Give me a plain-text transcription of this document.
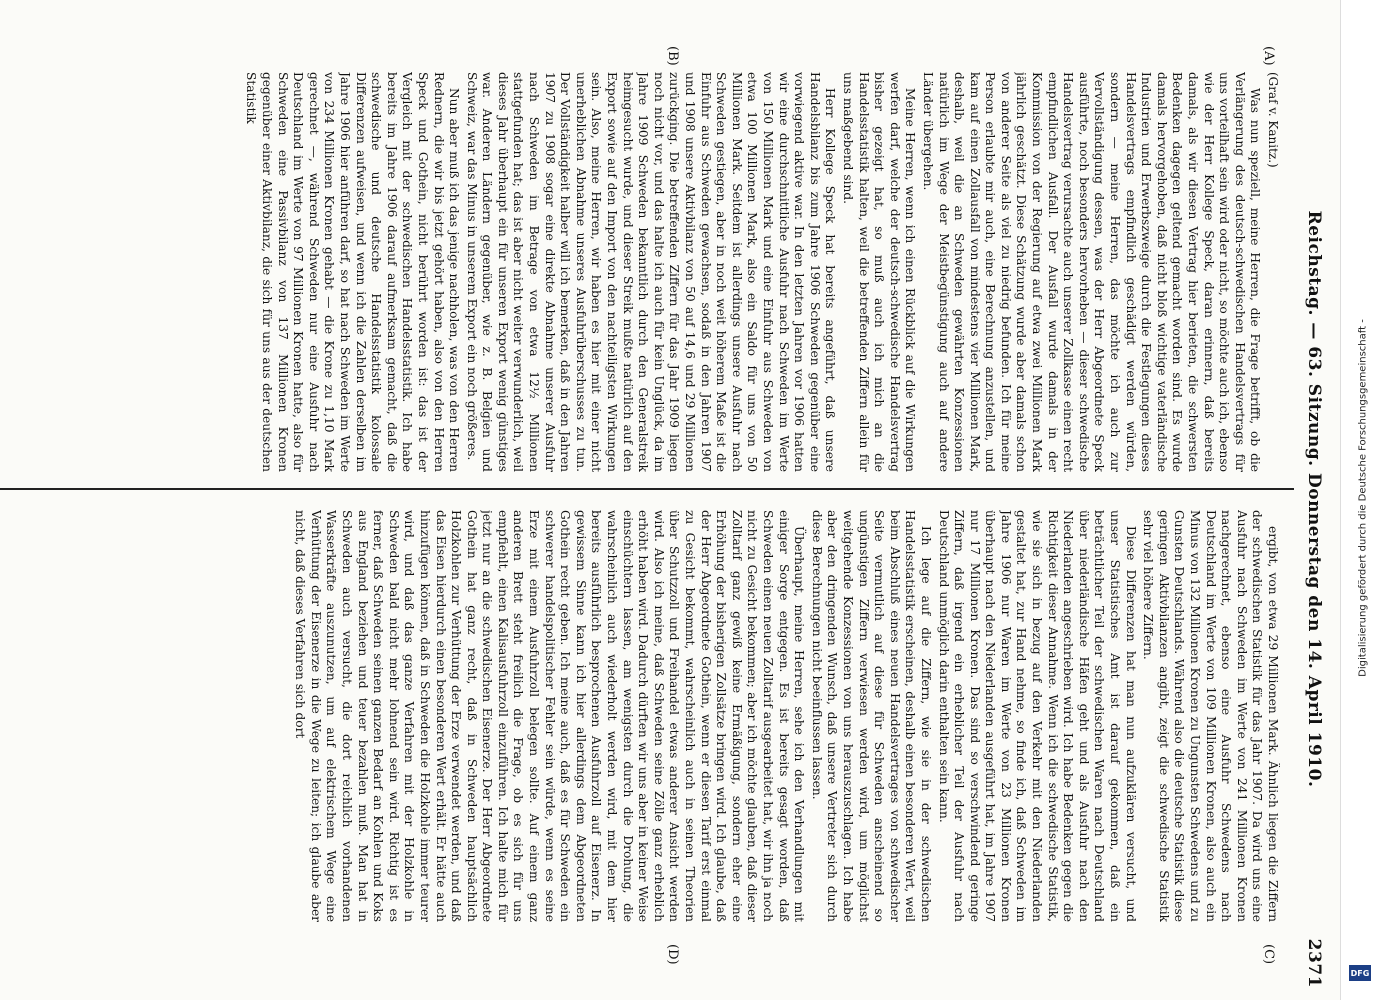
Reichstag. — 63. Sitzung. Donnerstag den 14. April 1910.
2371
(A)
(B)
(C)
(D)
(Graf v. Kanitz.)

Was nun speziell, meine Herren, die Frage betrifft, ob die Verlängerung des deutsch-schwedischen Handelsvertrags für uns vorteilhaft sein wird oder nicht, so möchte auch ich, ebenso wie der Herr Kollege Speck, daran erinnern, daß bereits damals, als wir diesen Vertrag hier berieten, die schwersten Bedenken dagegen geltend gemacht worden sind. Es wurde damals hervorgehoben, daß nicht bloß wichtige vaterländische Industrien und Erwerbszweige durch die Festlegungen dieses Handelsvertrags empfindlich geschädigt werden würden, sondern — meine Herren, das möchte ich auch zur Vervollständigung dessen, was der Herr Abgeordnete Speck ausführte, noch besonders hervorheben — dieser schwedische Handelsvertrag verursachte auch unserer Zollkasse einen recht empfindlichen Ausfall. Der Ausfall wurde damals in der Kommission von der Regierung auf etwa zwei Millionen Mark jährlich geschätzt. Diese Schätzung wurde aber damals schon von anderer Seite als viel zu niedrig befunden. Ich für meine Person erlaubte mir auch, eine Berechnung anzustellen, und kam auf einen Zollausfall von mindestens vier Millionen Mark, deshalb, weil die an Schweden gewährten Konzessionen natürlich im Wege der Meistbegünstigung auch auf andere Länder übergehen.

Meine Herren, wenn ich einen Rückblick auf die Wirkungen werfen darf, welche der deutsch-schwedische Handelsvertrag bisher gezeigt hat, so muß auch ich mich an die Handelsstatistik halten, weil die betreffenden Ziffern allein für uns maßgebend sind.

Herr Kollege Speck hat bereits angeführt, daß unsere Handelsbilanz bis zum Jahre 1906 Schweden gegenüber eine vorwiegend aktive war. In den letzten Jahren vor 1906 hatten wir eine durchschnittliche Ausfuhr nach Schweden im Werte von 150 Millionen Mark und eine Einfuhr aus Schweden von etwa 100 Millionen Mark, also ein Saldo für uns von 50 Millionen Mark. Seitdem ist allerdings unsere Ausfuhr nach Schweden gestiegen, aber in noch weit höherem Maße ist die Einfuhr aus Schweden gewachsen, sodaß in den Jahren 1907 und 1908 unsere Aktivbilanz von 50 auf 14,6 und 29 Millionen zurückging. Die betreffenden Ziffern für das Jahr 1909 liegen noch nicht vor, und das halte ich auch für kein Unglück, da im Jahre 1909 Schweden bekanntlich durch den Generalstreik heimgesucht wurde, und dieser Streik mußte natürlich auf den Export sowie auf den Import von den nachteiligsten Wirkungen sein. Also, meine Herren, wir haben es hier mit einer nicht unerheblichen Abnahme unseres Ausfuhrüberschusses zu tun. Der Vollständigkeit halber will ich bemerken, daß in den Jahren 1907 zu 1908 sogar eine direkte Abnahme unserer Ausfuhr nach Schweden im Betrage von etwa 12½ Millionen stattgefunden hat; das ist aber nicht weiter verwunderlich, weil dieses Jahr überhaupt ein für unseren Export wenig günstiges war. Anderen Ländern gegenüber, wie z. B. Belgien und Schweiz, war das Minus in unserem Export ein noch größeres.

Nun aber muß ich das jenige nachholen, was von den Herren Rednern, die wir bis jetzt gehört haben, also von den Herren Speck und Gothein, nicht berührt worden ist: das ist der Vergleich mit der schwedischen Handelsstatistik. Ich habe bereits im Jahre 1906 darauf aufmerksam gemacht, daß die schwedische und deutsche Handelsstatistik kolossale Differenzen aufweisen, und wenn ich die Zahlen derselben im Jahre 1906 hier anführen darf, so hat nach Schweden im Werte von 234 Millionen Kronen gehabt — die Krone zu 1,10 Mark gerechnet —, während Schweden nur eine Ausfuhr nach Deutschland im Werte von 97 Millionen Kronen hatte, also für Schweden eine Passivbilanz von 137 Millionen Kronen gegenüber einer Aktivbilanz, die sich für uns aus der deutschen Statistik

ergibt, von etwa 29 Millionen Mark. Ähnlich liegen die Ziffern der schwedischen Statistik für das Jahr 1907. Da wird uns eine Ausfuhr nach Schweden im Werte von 241 Millionen Kronen nachgerechnet, ebenso eine Ausfuhr Schwedens nach Deutschland im Werte von 109 Millionen Kronen, also auch ein Minus von 132 Millionen Kronen zu Ungunsten Schwedens und zu Gunsten Deutschlands. Während also die deutsche Statistik diese geringen Aktivbilanzen angibt, zeigt die schwedische Statistik sehr viel höhere Ziffern.

Diese Differenzen hat man nun aufzuklären versucht, und unser Statistisches Amt ist darauf gekommen, daß ein beträchtlicher Teil der schwedischen Waren nach Deutschland über niederländische Häfen geht und als Ausfuhr nach den Niederlanden angeschrieben wird. Ich habe Bedenken gegen die Richtigkeit dieser Annahme. Wenn ich die schwedische Statistik, wie sie sich in bezug auf den Verkehr mit den Niederlanden gestaltet hat, zur Hand nehme, so finde ich, daß Schweden im Jahre 1906 nur Waren im Werte von 23 Millionen Kronen überhaupt nach den Niederlanden ausgeführt hat, im Jahre 1907 nur 17 Millionen Kronen. Das sind so verschwindend geringe Ziffern, daß irgend ein erheblicher Teil der Ausfuhr nach Deutschland unmöglich darin enthalten sein kann.

Ich lege auf die Ziffern, wie sie in der schwedischen Handelsstatistik erscheinen, deshalb einen besonderen Wert, weil beim Abschluß eines neuen Handelsvertrages von schwedischer Seite vermutlich auf diese für Schweden anscheinend so ungünstigen Ziffern verwiesen werden wird, um möglichst weitgehende Konzessionen von uns herauszuschlagen. Ich habe aber den dringenden Wunsch, daß unsere Vertreter sich durch diese Berechnungen nicht beeinflussen lassen.

Überhaupt, meine Herren, sehe ich den Verhandlungen mit einiger Sorge entgegen. Es ist bereits gesagt worden, daß Schweden einen neuen Zolltarif ausgearbeitet hat, wir ihn ja noch nicht zu Gesicht bekommen; aber ich möchte glauben, daß dieser Zolltarif ganz gewiß keine Ermäßigung, sondern eher eine Erhöhung der bisherigen Zollsätze bringen wird. Ich glaube, daß der Herr Abgeordnete Gothein, wenn er diesen Tarif erst einmal zu Gesicht bekommt, wahrscheinlich auch in seinen Theorien über Schutzzoll und Freihandel etwas anderer Ansicht werden wird. Also ich meine, daß Schweden seine Zölle ganz erheblich erhöht haben wird. Dadurch dürften wir uns aber in keiner Weise einschüchtern lassen, am wenigsten durch die Drohung, die wahrscheinlich auch wiederholt werden wird, mit dem hier bereits ausführlich besprochenen Ausfuhrzoll auf Eisenerz. In gewissem Sinne kann ich hier allerdings dem Abgeordneten Gothein recht geben. Ich meine auch, daß es für Schweden ein schwerer handelspolitischer Fehler sein würde, wenn es seine Erze mit einem Ausfuhrzoll belegen sollte. Auf einem ganz anderen Brett steht freilich die Frage, ob es sich für uns empfiehlt, einen Kalisausfuhrzoll einzuführen. Ich halte mich für jetzt nur an die schwedischen Eisenerze. Der Herr Abgeordnete Gothein hat ganz recht, daß in Schweden hauptsächlich Holzkohlen zur Verhüttung der Erze verwendet werden, und daß das Eisen hierdurch einen besonderen Wert erhält. Er hätte auch hinzufügen können, daß in Schweden die Holzkohle immer teurer wird, und daß das ganze Verfahren mit der Holzkohle in Schweden bald nicht mehr lohnend sein wird. Richtig ist es ferner, daß Schweden seinen ganzen Bedarf an Kohlen und Koks aus England beziehen und teuer bezahlen muß. Man hat in Schweden auch versucht, die dort reichlich vorhandenen Wasserkräfte auszunutzen, um auf elektrischem Wege eine Verhüttung der Eisenerze in die Wege zu leiten; ich glaube aber nicht, daß dieses Verfahren sich dort	Digitalisierung gefördert durch die Deutsche Forschungsgemeinschaft -
DFG
